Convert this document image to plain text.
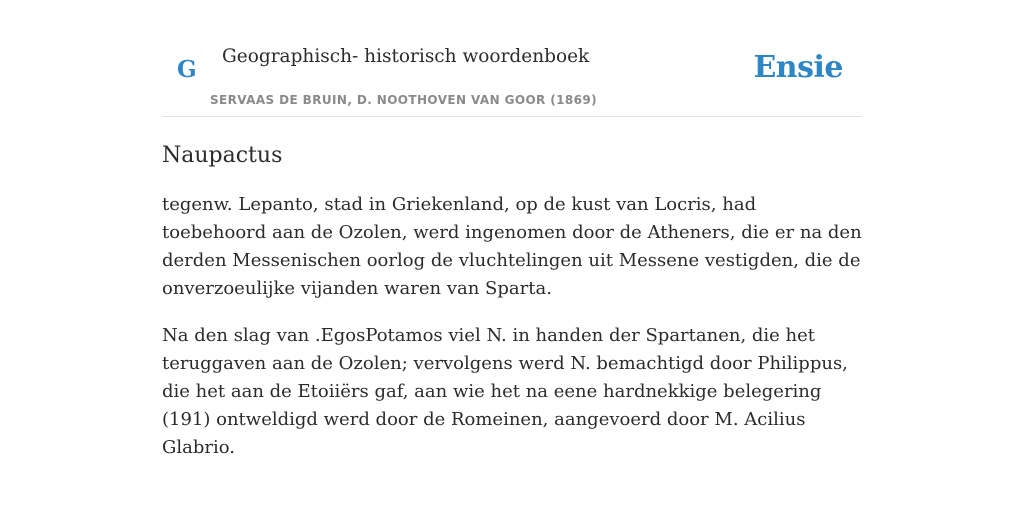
G Geographisch- historisch woordenboek
SERVAAS DE BRUIN, D. NOOTHOVEN VAN GOOR (1869)
Ensie
Naupactus

tegenw. Lepanto, stad in Griekenland, op de kust van Locris, had toebehoord aan de Ozolen, werd ingenomen door de Atheners, die er na den derden Messenischen oorlog de vluchtelingen uit Messene vestigden, die de onverzoeulijke vijanden waren van Sparta.

Na den slag van .EgosPotamos viel N. in handen der Spartanen, die het teruggaven aan de Ozolen; vervolgens werd N. bemachtigd door Philippus, die het aan de Etoiiërs gaf, aan wie het na eene hardnekkige belegering (191) ontweldigd werd door de Romeinen, aangevoerd door M. Acilius Glabrio.
